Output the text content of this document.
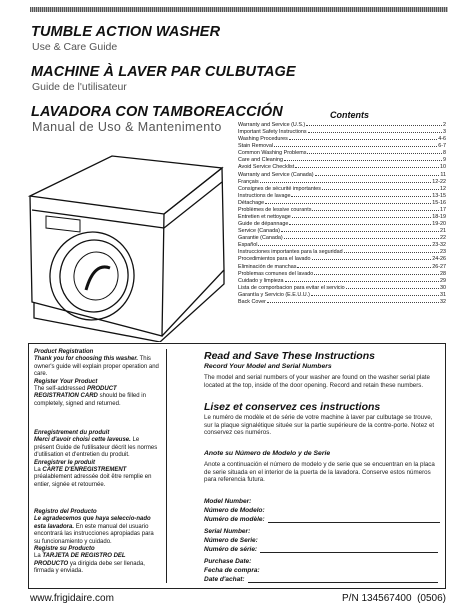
TUMBLE ACTION WASHER
Use & Care Guide
MACHINE À LAVER PAR CULBUTAGE
Guide de l'utilisateur
LAVADORA CON TAMBOREACCIÓN
Manual de Uso & Mantenimento
Contents
Warranty and Service (U.S.)	2
Important Safety Instructions	3
Washing Procedures	4-6
Stain Removal	6-7
Common Washing Problems	8
Care and Cleaning	9
Avoid Service Checklist	10
Warranty and Service (Canada)	11
Français	12-22
Consignes de sécurité importantes	12
Instructions de lavage	13-15
Détachage	15-16
Problèmes de lessive courants	17
Entretien et nettoyage	18-19
Guide de dépannage	19-20
Service (Canada)	21
Garantie (Canada)	22
Español	23-32
Instrucciones importantes para la seguridad	23
Procedimientos para el lavado	24-26
Eliminación de manchas	26-27
Problemas comunes del lavado	28
Cuidado y limpieza	29
Lista de comporbacion para evitar el servicio	30
Garantía y Servicio (E.E.U.U.)	31
Back Cover	32
Product Registration
Thank you for choosing this washer. This owner's guide will explain proper operation and care.
Register Your Product
The self-addressed PRODUCT REGISTRATION CARD should be filled in completely, signed and returned.
Enregistrement du produit
Merci d'avoir choisi cette laveuse. Le présent Guide de l'utilisateur décrit les normes d'utilisation et d'entretien du produit.
Enregistrer le produit
La CARTE D'ENREGISTREMENT préalablement adressée doit être remplie en entier, signée et retournée.
Registro del Producto
Le agradecemos que haya seleccio-nado esta lavadora. En este manual del usuario encontrará las instrucciones apropiadas para su funcionamiento y cuidado.
Registre su Producto
La TARJETA DE REGISTRO DEL PRODUCTO ya dirigida debe ser llenada, firmada y enviada.
Read and Save These Instructions
Record Your Model and Serial Numbers
The model and serial numbers of your washer are found on the washer serial plate located at the top, inside of the door opening. Record and retain these numbers.
Lisez et conservez ces instructions
Le numéro de modèle et de série de votre machine à laver par culbutage se trouve, sur la plaque signalétique située sur la partie supérieure de la contre-porte. Notez et conservez ces numéros.
Anote su Número de Modelo y de Serie
Anote a continuación el número de modelo y de serie que se encuentran en la placa de serie situada en el interior de la puerta de la lavadora. Conserve estos números para referencia futura.
Model Number:
Número de Modelo:
Numéro de modèle:
Serial Number:
Número de Serie:
Numéro de série:
Purchase Date:
Fecha de compra:
Date d'achat:
www.frigidaire.com	P/N 134567400 (0506)
